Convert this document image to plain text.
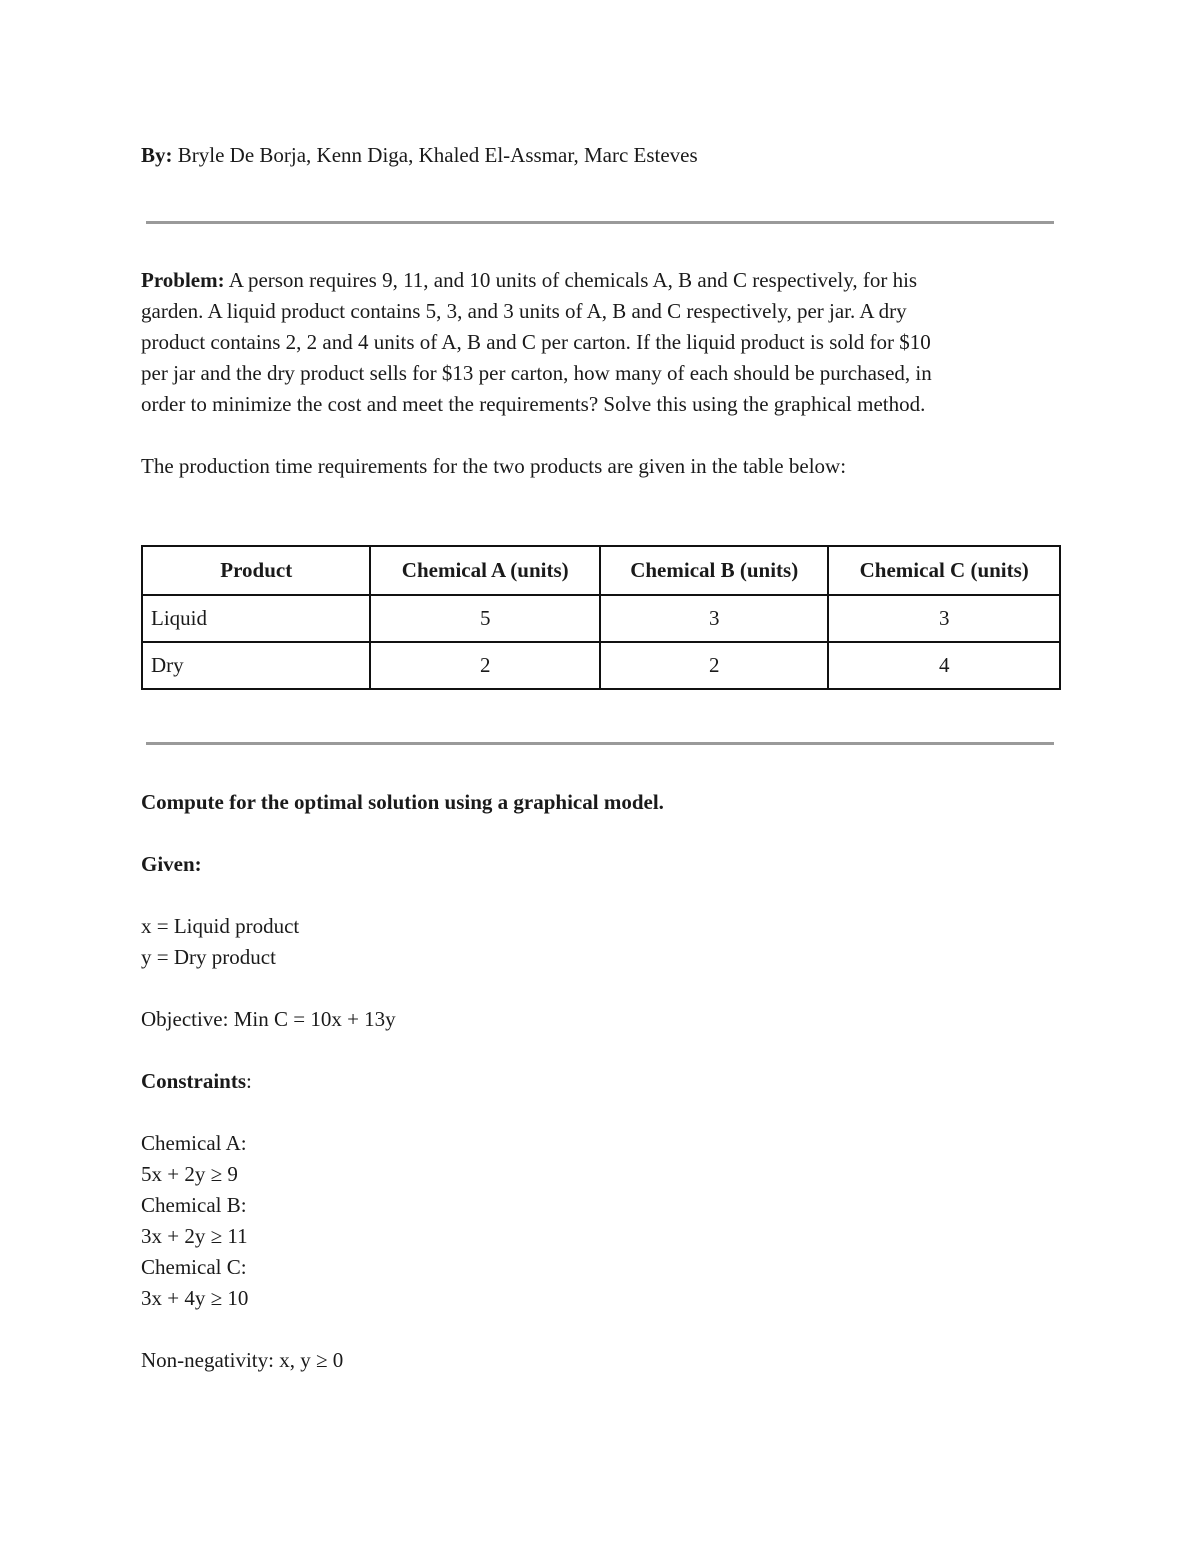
By: Bryle De Borja, Kenn Diga, Khaled El-Assmar, Marc Esteves
Problem: A person requires 9, 11, and 10 units of chemicals A, B and C respectively, for his
garden. A liquid product contains 5, 3, and 3 units of A, B and C respectively, per jar. A dry
product contains 2, 2 and 4 units of A, B and C per carton. If the liquid product is sold for $10
per jar and the dry product sells for $13 per carton, how many of each should be purchased, in
order to minimize the cost and meet the requirements? Solve this using the graphical method.
The production time requirements for the two products are given in the table below:
Product	Chemical A (units)	Chemical B (units)	Chemical C (units)
Liquid	5	3	3
Dry	2	2	4
Compute for the optimal solution using a graphical model.
Given:
x = Liquid product
y = Dry product
Objective: Min C = 10x + 13y
Constraints:
Chemical A:
5x + 2y ≥ 9
Chemical B:
3x + 2y ≥ 11
Chemical C:
3x + 4y ≥ 10
Non-negativity: x, y ≥ 0
